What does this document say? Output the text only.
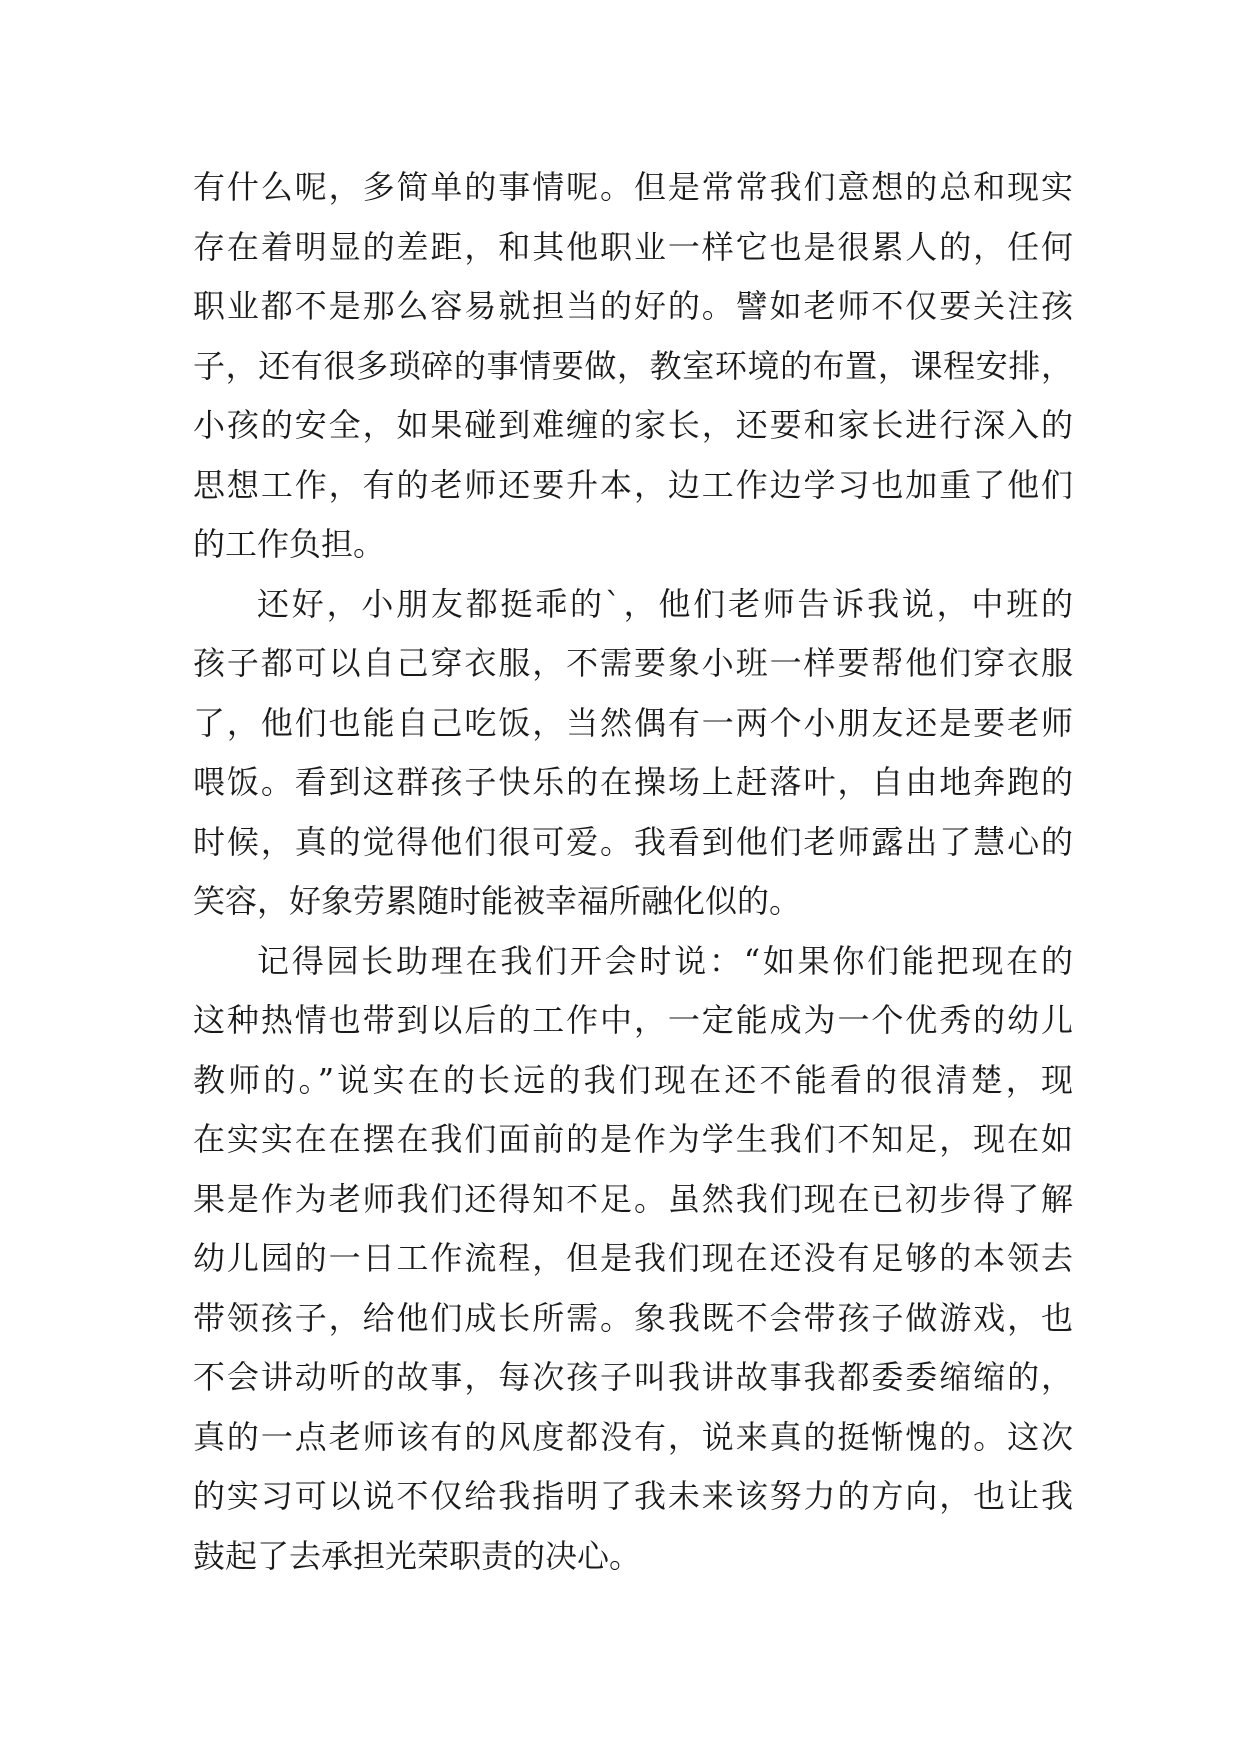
有什么呢，多简单的事情呢。但是常常我们意想的总和现实
存在着明显的差距，和其他职业一样它也是很累人的，任何
职业都不是那么容易就担当的好的。譬如老师不仅要关注孩
子，还有很多琐碎的事情要做，教室环境的布置，课程安排，
小孩的安全，如果碰到难缠的家长，还要和家长进行深入的
思想工作，有的老师还要升本，边工作边学习也加重了他们
的工作负担。
还好，小朋友都挺乖的`，他们老师告诉我说，中班的
孩子都可以自己穿衣服，不需要象小班一样要帮他们穿衣服
了，他们也能自己吃饭，当然偶有一两个小朋友还是要老师
喂饭。看到这群孩子快乐的在操场上赶落叶，自由地奔跑的
时候，真的觉得他们很可爱。我看到他们老师露出了慧心的
笑容，好象劳累随时能被幸福所融化似的。
记得园长助理在我们开会时说：“如果你们能把现在的
这种热情也带到以后的工作中，一定能成为一个优秀的幼儿
教师的。”说实在的长远的我们现在还不能看的很清楚，现
在实实在在摆在我们面前的是作为学生我们不知足，现在如
果是作为老师我们还得知不足。虽然我们现在已初步得了解
幼儿园的一日工作流程，但是我们现在还没有足够的本领去
带领孩子，给他们成长所需。象我既不会带孩子做游戏，也
不会讲动听的故事，每次孩子叫我讲故事我都委委缩缩的，
真的一点老师该有的风度都没有，说来真的挺惭愧的。这次
的实习可以说不仅给我指明了我未来该努力的方向，也让我
鼓起了去承担光荣职责的决心。
